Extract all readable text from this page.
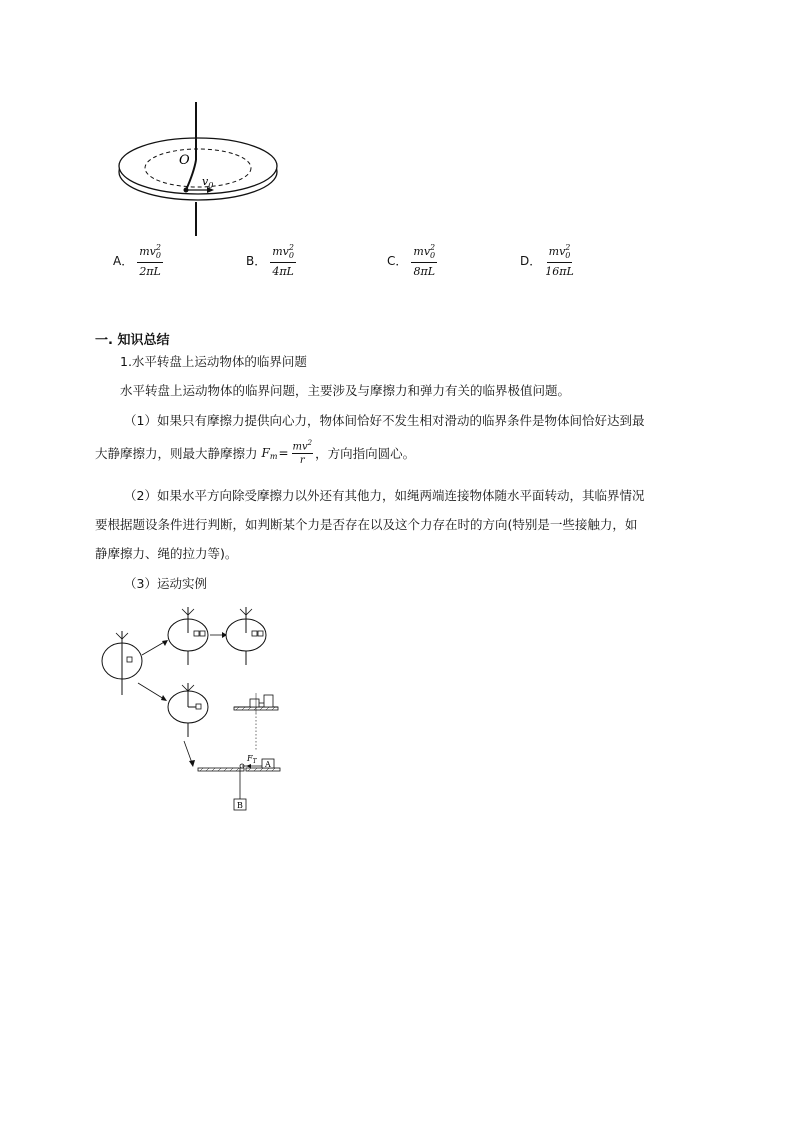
O
$v_0$
A． mv 2
0
2πL	B． mv 2
0
4πL	C． mv 2
0
8πL	D． mv 2
0
16πL
一. 知识总结
1.水平转盘上运动物体的临界问题
水平转盘上运动物体的临界问题，主要涉及与摩擦力和弹力有关的临界极值问题。
（1）如果只有摩擦力提供向心力，物体间恰好不发生相对滑动的临界条件是物体间恰好达到最
大静摩擦力，则最大静摩擦力 F $m = \frac{mv^2}{r}$ ，方向指向圆心。
（2）如果水平方向除受摩擦力以外还有其他力，如绳两端连接物体随水平面转动，其临界情况
要根据题设条件进行判断，如判断某个力是否存在以及这个力存在时的方向(特别是一些接触力，如
静摩擦力、绳的拉力等)。
（3）运动实例
A
B
$F_T$
